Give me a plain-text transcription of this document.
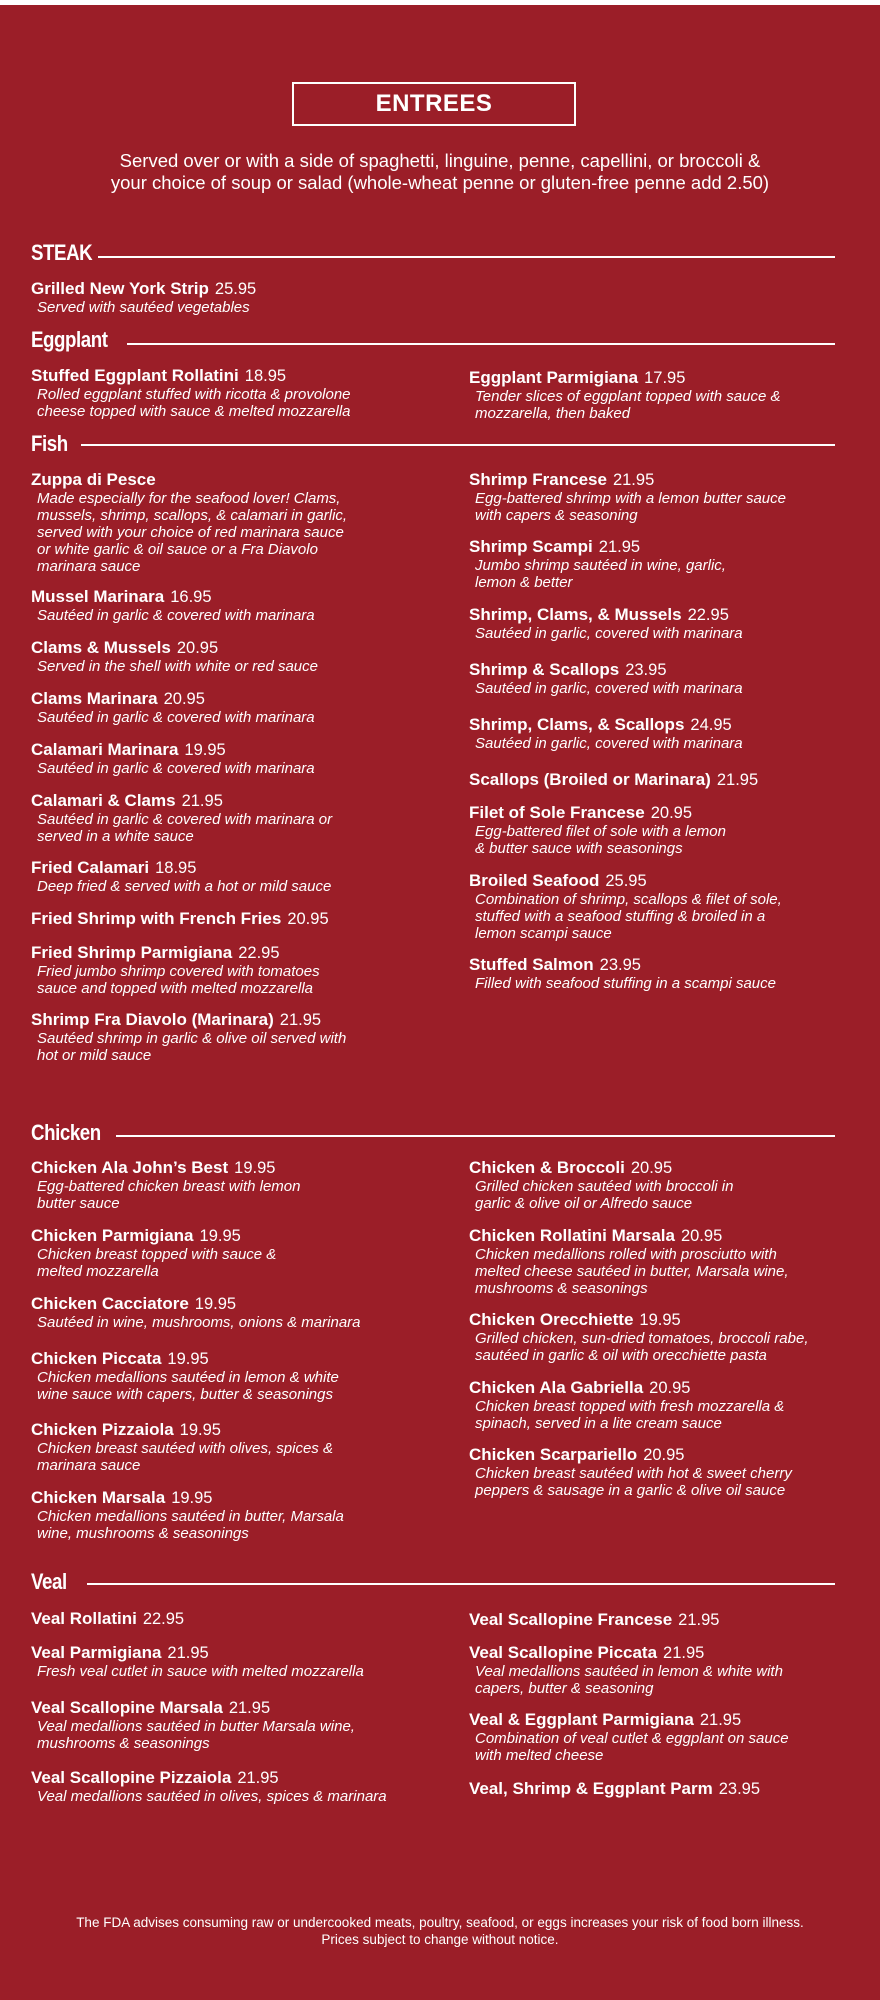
ENTREES
Served over or with a side of spaghetti, linguine, penne, capellini, or broccoli &
your choice of soup or salad (whole-wheat penne or gluten-free penne add 2.50)
STEAK
Eggplant
Fish
Chicken
Veal
Grilled New York Strip 25.95
Served with sautéed vegetables
Stuffed Eggplant Rollatini 18.95
Rolled eggplant stuffed with ricotta & provolone
cheese topped with sauce & melted mozzarella
Eggplant Parmigiana 17.95
Tender slices of eggplant topped with sauce &
mozzarella, then baked
Zuppa di Pesce
Made especially for the seafood lover! Clams,
mussels, shrimp, scallops, & calamari in garlic,
served with your choice of red marinara sauce
or white garlic & oil sauce or a Fra Diavolo
marinara sauce
Mussel Marinara 16.95
Sautéed in garlic & covered with marinara
Clams & Mussels 20.95
Served in the shell with white or red sauce
Clams Marinara 20.95
Sautéed in garlic & covered with marinara
Calamari Marinara 19.95
Sautéed in garlic & covered with marinara
Calamari & Clams 21.95
Sautéed in garlic & covered with marinara or
served in a white sauce
Fried Calamari 18.95
Deep fried & served with a hot or mild sauce
Fried Shrimp with French Fries 20.95
Fried Shrimp Parmigiana 22.95
Fried jumbo shrimp covered with tomatoes
sauce and topped with melted mozzarella
Shrimp Fra Diavolo (Marinara) 21.95
Sautéed shrimp in garlic & olive oil served with
hot or mild sauce
Shrimp Francese 21.95
Egg-battered shrimp with a lemon butter sauce
with capers & seasoning
Shrimp Scampi 21.95
Jumbo shrimp sautéed in wine, garlic,
lemon & better
Shrimp, Clams, & Mussels 22.95
Sautéed in garlic, covered with marinara
Shrimp & Scallops 23.95
Sautéed in garlic, covered with marinara
Shrimp, Clams, & Scallops 24.95
Sautéed in garlic, covered with marinara
Scallops (Broiled or Marinara) 21.95
Filet of Sole Francese 20.95
Egg-battered filet of sole with a lemon
& butter sauce with seasonings
Broiled Seafood 25.95
Combination of shrimp, scallops & filet of sole,
stuffed with a seafood stuffing & broiled in a
lemon scampi sauce
Stuffed Salmon 23.95
Filled with seafood stuffing in a scampi sauce
Chicken Ala John’s Best 19.95
Egg-battered chicken breast with lemon
butter sauce
Chicken Parmigiana 19.95
Chicken breast topped with sauce &
melted mozzarella
Chicken Cacciatore 19.95
Sautéed in wine, mushrooms, onions & marinara
Chicken Piccata 19.95
Chicken medallions sautéed in lemon & white
wine sauce with capers, butter & seasonings
Chicken Pizzaiola 19.95
Chicken breast sautéed with olives, spices &
marinara sauce
Chicken Marsala 19.95
Chicken medallions sautéed in butter, Marsala
wine, mushrooms & seasonings
Chicken & Broccoli 20.95
Grilled chicken sautéed with broccoli in
garlic & olive oil or Alfredo sauce
Chicken Rollatini Marsala 20.95
Chicken medallions rolled with prosciutto with
melted cheese sautéed in butter, Marsala wine,
mushrooms & seasonings
Chicken Orecchiette 19.95
Grilled chicken, sun-dried tomatoes, broccoli rabe,
sautéed in garlic & oil with orecchiette pasta
Chicken Ala Gabriella 20.95
Chicken breast topped with fresh mozzarella &
spinach, served in a lite cream sauce
Chicken Scarpariello 20.95
Chicken breast sautéed with hot & sweet cherry
peppers & sausage in a garlic & olive oil sauce
Veal Rollatini 22.95
Veal Parmigiana 21.95
Fresh veal cutlet in sauce with melted mozzarella
Veal Scallopine Marsala 21.95
Veal medallions sautéed in butter Marsala wine,
mushrooms & seasonings
Veal Scallopine Pizzaiola 21.95
Veal medallions sautéed in olives, spices & marinara
Veal Scallopine Francese 21.95
Veal Scallopine Piccata 21.95
Veal medallions sautéed in lemon & white with
capers, butter & seasoning
Veal & Eggplant Parmigiana 21.95
Combination of veal cutlet & eggplant on sauce
with melted cheese
Veal, Shrimp & Eggplant Parm 23.95
The FDA advises consuming raw or undercooked meats, poultry, seafood, or eggs increases your risk of food born illness.
Prices subject to change without notice.
